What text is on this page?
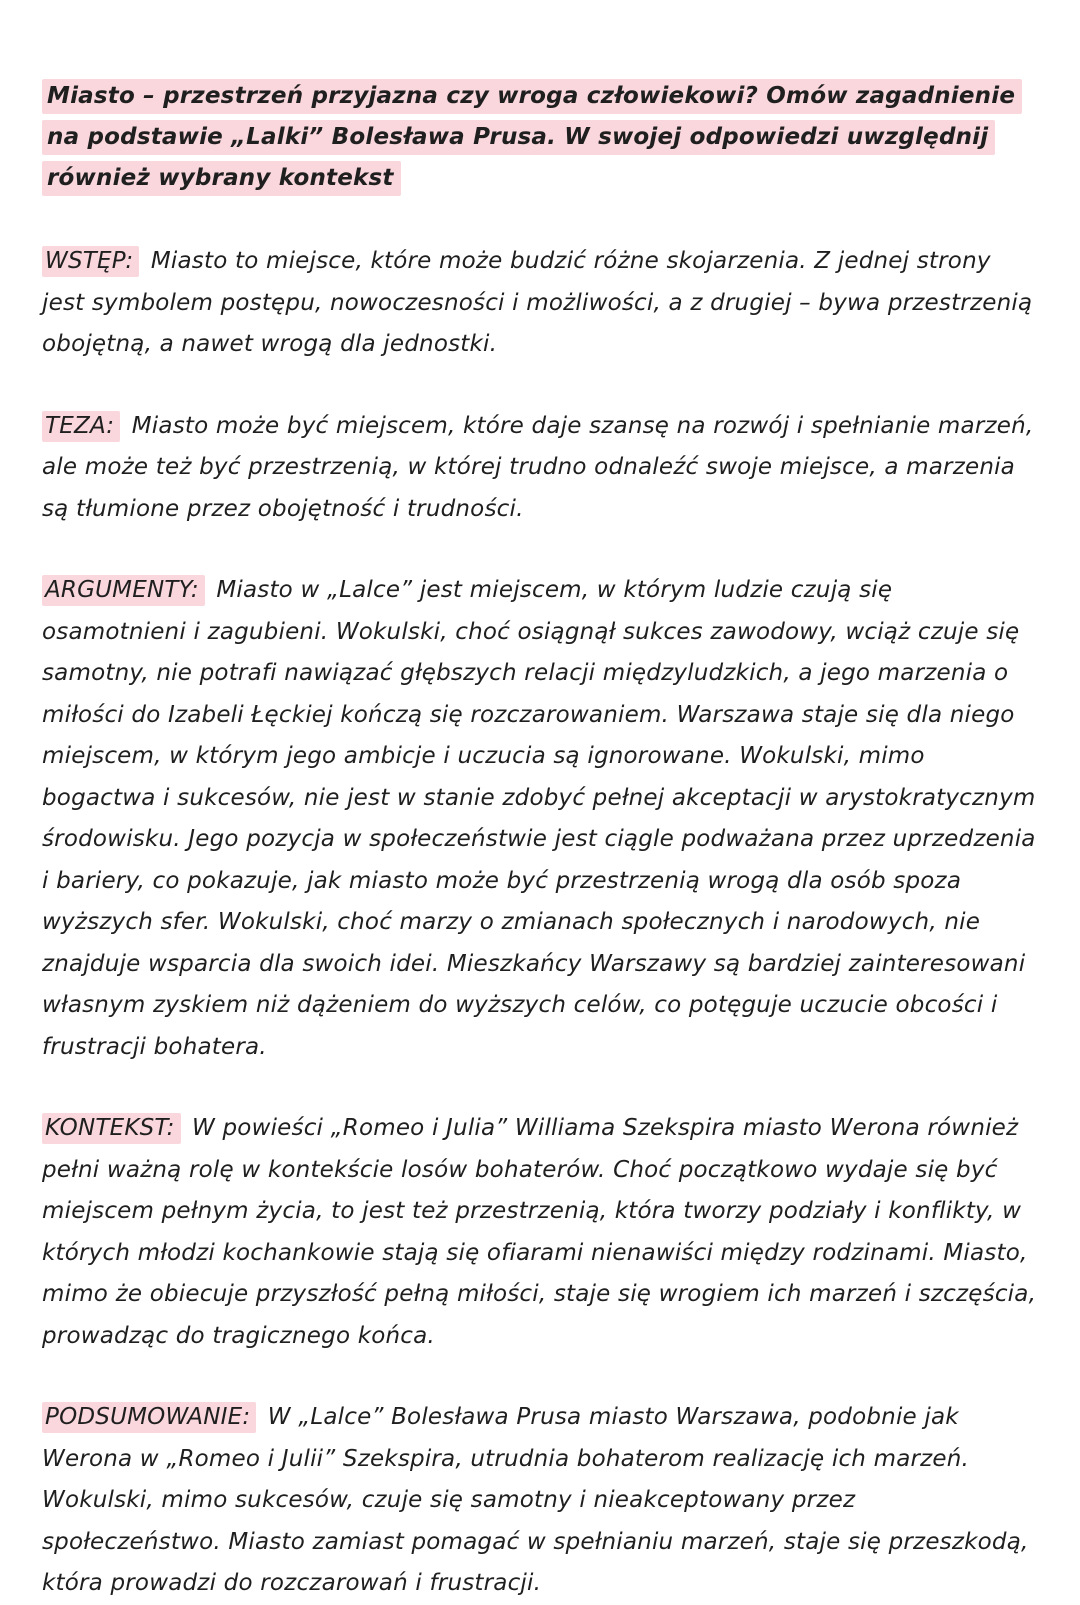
Miasto – przestrzeń przyjazna czy wroga człowiekowi? Omów zagadnienie na podstawie „Lalki” Bolesława Prusa. W swojej odpowiedzi uwzględnij również wybrany kontekst

WSTĘP: Miasto to miejsce, które może budzić różne skojarzenia. Z jednej strony jest symbolem postępu, nowoczesności i możliwości, a z drugiej – bywa przestrzenią obojętną, a nawet wrogą dla jednostki.

TEZA: Miasto może być miejscem, które daje szansę na rozwój i spełnianie marzeń, ale może też być przestrzenią, w której trudno odnaleźć swoje miejsce, a marzenia są tłumione przez obojętność i trudności.

ARGUMENTY: Miasto w „Lalce” jest miejscem, w którym ludzie czują się osamotnieni i zagubieni. Wokulski, choć osiągnął sukces zawodowy, wciąż czuje się samotny, nie potrafi nawiązać głębszych relacji międzyludzkich, a jego marzenia o miłości do Izabeli Łęckiej kończą się rozczarowaniem. Warszawa staje się dla niego miejscem, w którym jego ambicje i uczucia są ignorowane. Wokulski, mimo bogactwa i sukcesów, nie jest w stanie zdobyć pełnej akceptacji w arystokratycznym środowisku. Jego pozycja w społeczeństwie jest ciągle podważana przez uprzedzenia i bariery, co pokazuje, jak miasto może być przestrzenią wrogą dla osób spoza wyższych sfer. Wokulski, choć marzy o zmianach społecznych i narodowych, nie znajduje wsparcia dla swoich idei. Mieszkańcy Warszawy są bardziej zainteresowani własnym zyskiem niż dążeniem do wyższych celów, co potęguje uczucie obcości i frustracji bohatera.

KONTEKST: W powieści „Romeo i Julia” Williama Szekspira miasto Werona również pełni ważną rolę w kontekście losów bohaterów. Choć początkowo wydaje się być miejscem pełnym życia, to jest też przestrzenią, która tworzy podziały i konflikty, w których młodzi kochankowie stają się ofiarami nienawiści między rodzinami. Miasto, mimo że obiecuje przyszłość pełną miłości, staje się wrogiem ich marzeń i szczęścia, prowadząc do tragicznego końca.

PODSUMOWANIE: W „Lalce” Bolesława Prusa miasto Warszawa, podobnie jak Werona w „Romeo i Julii” Szekspira, utrudnia bohaterom realizację ich marzeń. Wokulski, mimo sukcesów, czuje się samotny i nieakceptowany przez społeczeństwo. Miasto zamiast pomagać w spełnianiu marzeń, staje się przeszkodą, która prowadzi do rozczarowań i frustracji.
